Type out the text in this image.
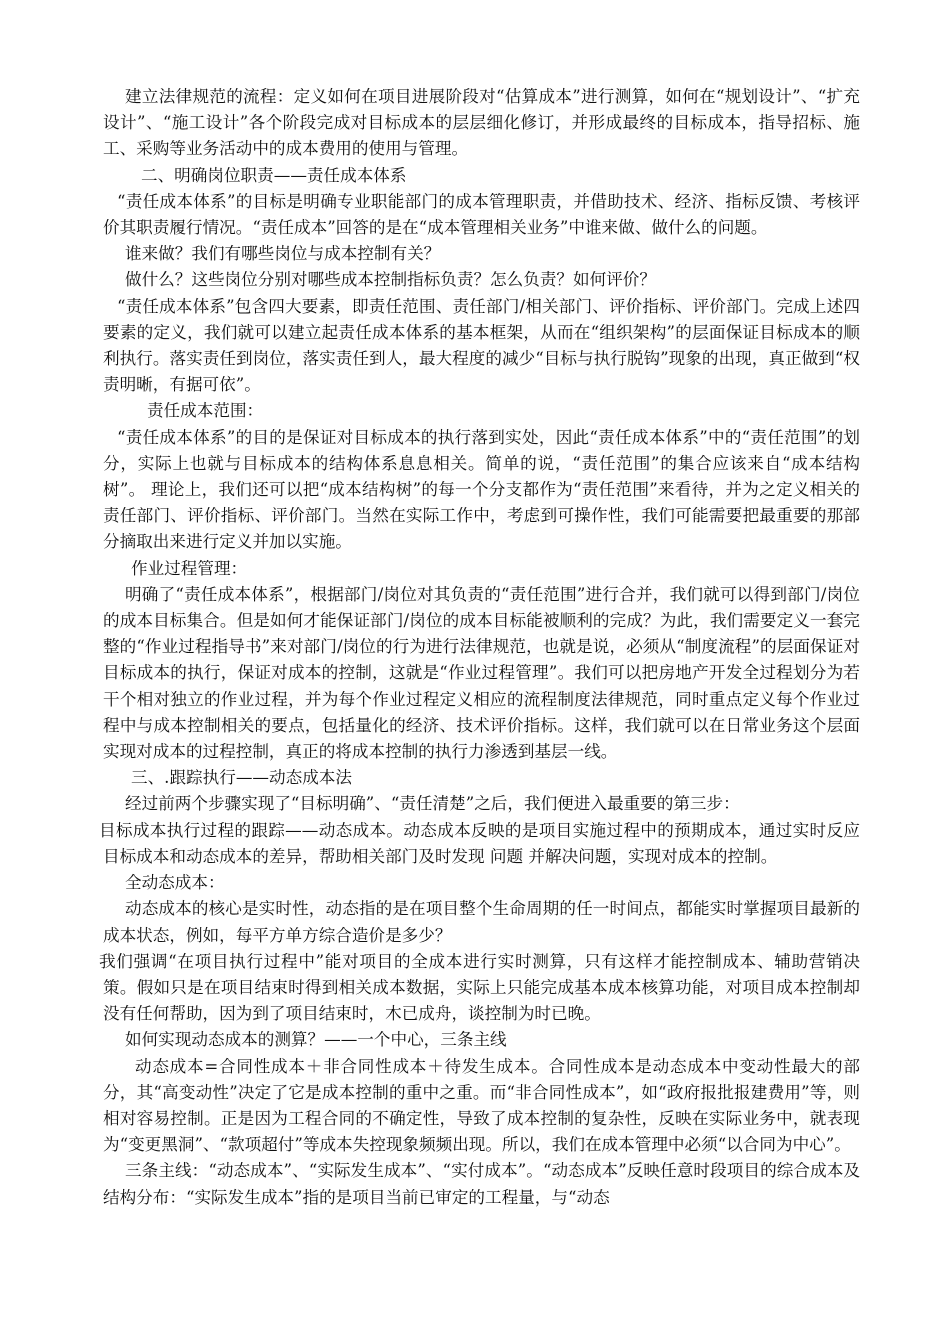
建立法律规范的流程：定义如何在项目进展阶段对“估算成本”进行测算，如何在“规划设计”、“扩充设计”、“施工设计”各个阶段完成对目标成本的层层细化修订，并形成最终的目标成本，指导招标、施工、采购等业务活动中的成本费用的使用与管理。

二、明确岗位职责——责任成本体系

“责任成本体系”的目标是明确专业职能部门的成本管理职责，并借助技术、经济、指标反馈、考核评价其职责履行情况。“责任成本”回答的是在“成本管理相关业务”中谁来做、做什么的问题。

谁来做？我们有哪些岗位与成本控制有关？

做什么？这些岗位分别对哪些成本控制指标负责？怎么负责？如何评价？

“责任成本体系”包含四大要素，即责任范围、责任部门/相关部门、评价指标、评价部门。完成上述四要素的定义，我们就可以建立起责任成本体系的基本框架，从而在“组织架构”的层面保证目标成本的顺利执行。落实责任到岗位，落实责任到人，最大程度的减少“目标与执行脱钩”现象的出现，真正做到“权责明晰，有据可依”。

责任成本范围：

“责任成本体系”的目的是保证对目标成本的执行落到实处，因此“责任成本体系”中的“责任范围”的划分，实际上也就与目标成本的结构体系息息相关。简单的说，“责任范围”的集合应该来自“成本结构树”。 理论上，我们还可以把“成本结构树”的每一个分支都作为“责任范围”来看待，并为之定义相关的责任部门、评价指标、评价部门。当然在实际工作中，考虑到可操作性，我们可能需要把最重要的那部分摘取出来进行定义并加以实施。

作业过程管理：

明确了“责任成本体系”，根据部门/岗位对其负责的“责任范围”进行合并，我们就可以得到部门/岗位的成本目标集合。但是如何才能保证部门/岗位的成本目标能被顺利的完成？为此，我们需要定义一套完整的“作业过程指导书”来对部门/岗位的行为进行法律规范，也就是说，必须从“制度流程”的层面保证对目标成本的执行，保证对成本的控制，这就是“作业过程管理”。我们可以把房地产开发全过程划分为若干个相对独立的作业过程，并为每个作业过程定义相应的流程制度法律规范，同时重点定义每个作业过程中与成本控制相关的要点，包括量化的经济、技术评价指标。这样，我们就可以在日常业务这个层面实现对成本的过程控制，真正的将成本控制的执行力渗透到基层一线。

三、.跟踪执行——动态成本法

经过前两个步骤实现了“目标明确”、“责任清楚”之后，我们便进入最重要的第三步：

目标成本执行过程的跟踪——动态成本。动态成本反映的是项目实施过程中的预期成本，通过实时反应目标成本和动态成本的差异，帮助相关部门及时发现 问题 并解决问题，实现对成本的控制。

全动态成本：

动态成本的核心是实时性，动态指的是在项目整个生命周期的任一时间点，都能实时掌握项目最新的成本状态，例如，每平方单方综合造价是多少？

我们强调“在项目执行过程中”能对项目的全成本进行实时测算，只有这样才能控制成本、辅助营销决策。假如只是在项目结束时得到相关成本数据，实际上只能完成基本成本核算功能，对项目成本控制却没有任何帮助，因为到了项目结束时，木已成舟，谈控制为时已晚。

如何实现动态成本的测算？——一个中心，三条主线

动态成本=合同性成本＋非合同性成本＋待发生成本。合同性成本是动态成本中变动性最大的部分，其“高变动性”决定了它是成本控制的重中之重。而“非合同性成本”，如“政府报批报建费用”等，则相对容易控制。正是因为工程合同的不确定性，导致了成本控制的复杂性，反映在实际业务中，就表现为“变更黑洞”、“款项超付”等成本失控现象频频出现。所以，我们在成本管理中必须“以合同为中心”。

三条主线：“动态成本”、“实际发生成本”、“实付成本”。“动态成本”反映任意时段项目的综合成本及结构分布：“实际发生成本”指的是项目当前已审定的工程量，与“动态
